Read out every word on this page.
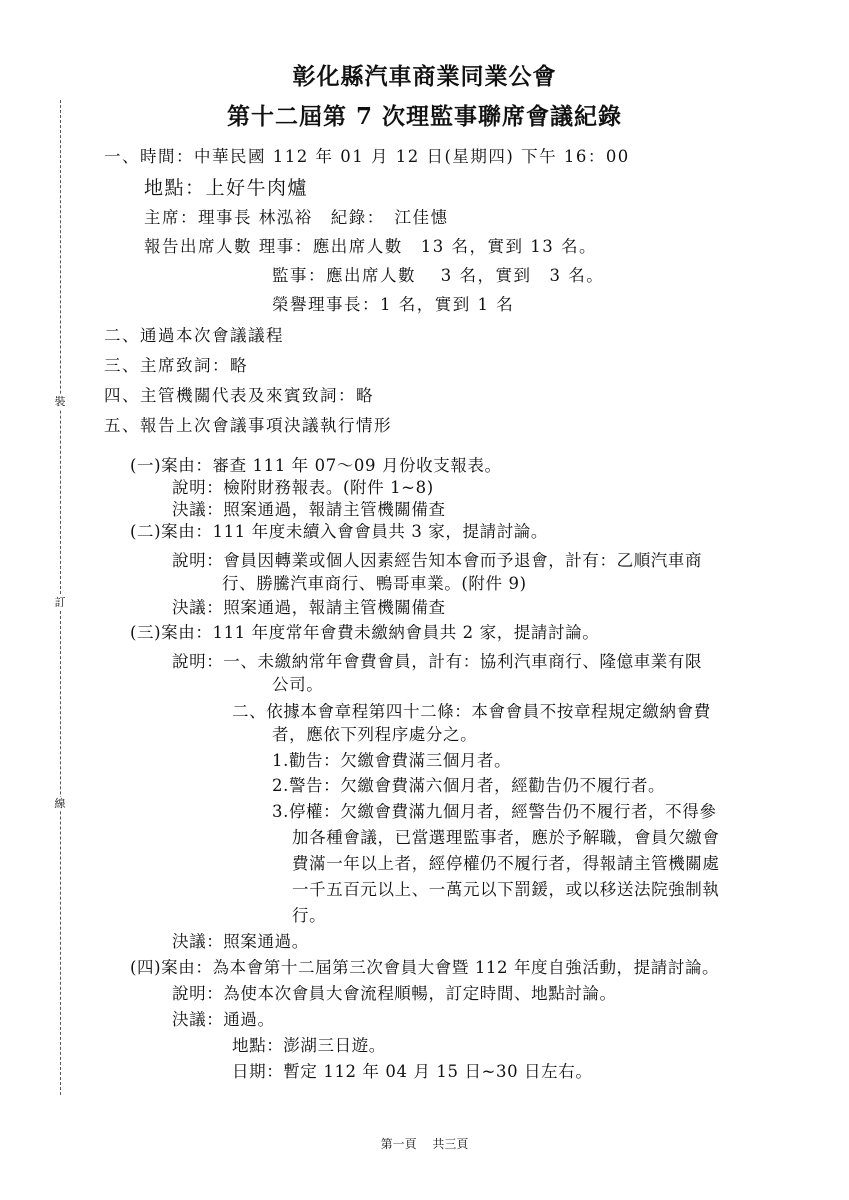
裝
訂
線
彰化縣汽車商業同業公會
第十二屆第 7 次理監事聯席會議紀錄
一、時間：中華民國 112 年 01 月 12 日(星期四) 下午 16：00
地點：上好牛肉爐
主席：理事長 林泓裕　紀錄：　江佳憓
報告出席人數 理事：應出席人數　13 名，實到 13 名。
監事：應出席人數　 3 名，實到　3 名。
榮譽理事長：1 名，實到 1 名
二、通過本次會議議程
三、主席致詞：略
四、主管機關代表及來賓致詞：略
五、報告上次會議事項決議執行情形
(一)案由：審查 111 年 07～09 月份收支報表。
說明：檢附財務報表。(附件 1~8)
決議：照案通過，報請主管機關備查
(二)案由：111 年度未續入會會員共 3 家，提請討論。
說明：會員因轉業或個人因素經告知本會而予退會，計有：乙順汽車商
行、勝騰汽車商行、鴨哥車業。(附件 9)
決議：照案通過，報請主管機關備查
(三)案由：111 年度常年會費未繳納會員共 2 家，提請討論。
說明：一、未繳納常年會費會員，計有：協利汽車商行、隆億車業有限
公司。
二、依據本會章程第四十二條：本會會員不按章程規定繳納會費
者，應依下列程序處分之。
1.勸告：欠繳會費滿三個月者。
2.警告：欠繳會費滿六個月者，經勸告仍不履行者。
3.停權：欠繳會費滿九個月者，經警告仍不履行者，不得參
加各種會議，已當選理監事者，應於予解職，會員欠繳會
費滿一年以上者，經停權仍不履行者，得報請主管機關處
一千五百元以上、一萬元以下罰鍰，或以移送法院強制執
行。
決議：照案通過。
(四)案由：為本會第十二屆第三次會員大會暨 112 年度自強活動，提請討論。
說明：為使本次會員大會流程順暢，訂定時間、地點討論。
決議：通過。
地點：澎湖三日遊。
日期：暫定 112 年 04 月 15 日~30 日左右。
第一頁 共三頁
